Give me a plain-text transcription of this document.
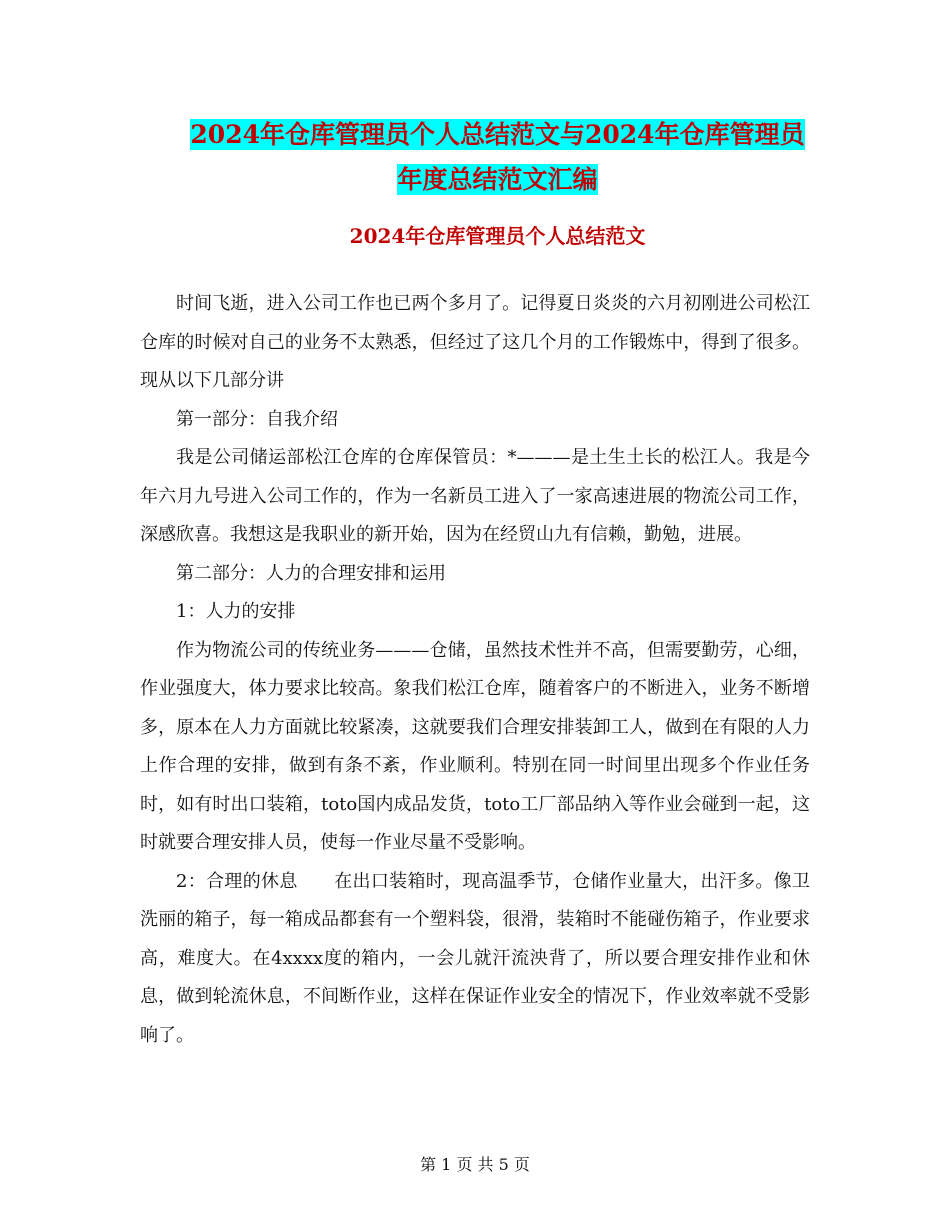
2024年仓库管理员个人总结范文与2024年仓库管理员
年度总结范文汇编
2024年仓库管理员个人总结范文

时间飞逝，进入公司工作也已两个多月了。记得夏日炎炎的六月初刚进公司松江仓库的时候对自己的业务不太熟悉，但经过了这几个月的工作锻炼中，得到了很多。现从以下几部分讲

第一部分：自我介绍

我是公司储运部松江仓库的仓库保管员：*———是土生土长的松江人。我是今年六月九号进入公司工作的，作为一名新员工进入了一家高速进展的物流公司工作，深感欣喜。我想这是我职业的新开始，因为在经贸山九有信赖，勤勉，进展。

第二部分：人力的合理安排和运用

1：人力的安排

作为物流公司的传统业务———仓储，虽然技术性并不高，但需要勤劳，心细，作业强度大，体力要求比较高。象我们松江仓库，随着客户的不断进入，业务不断增多，原本在人力方面就比较紧凑，这就要我们合理安排装卸工人，做到在有限的人力上作合理的安排，做到有条不紊，作业顺利。特别在同一时间里出现多个作业任务时，如有时出口装箱，toto国内成品发货，toto工厂部品纳入等作业会碰到一起，这时就要合理安排人员，使每一作业尽量不受影响。

2：合理的休息　　在出口装箱时，现高温季节，仓储作业量大，出汗多。像卫洗丽的箱子，每一箱成品都套有一个塑料袋，很滑，装箱时不能碰伤箱子，作业要求高，难度大。在4xxxx度的箱内，一会儿就汗流泱背了，所以要合理安排作业和休息，做到轮流休息，不间断作业，这样在保证作业安全的情况下，作业效率就不受影响了。

第 1 页 共 5 页
